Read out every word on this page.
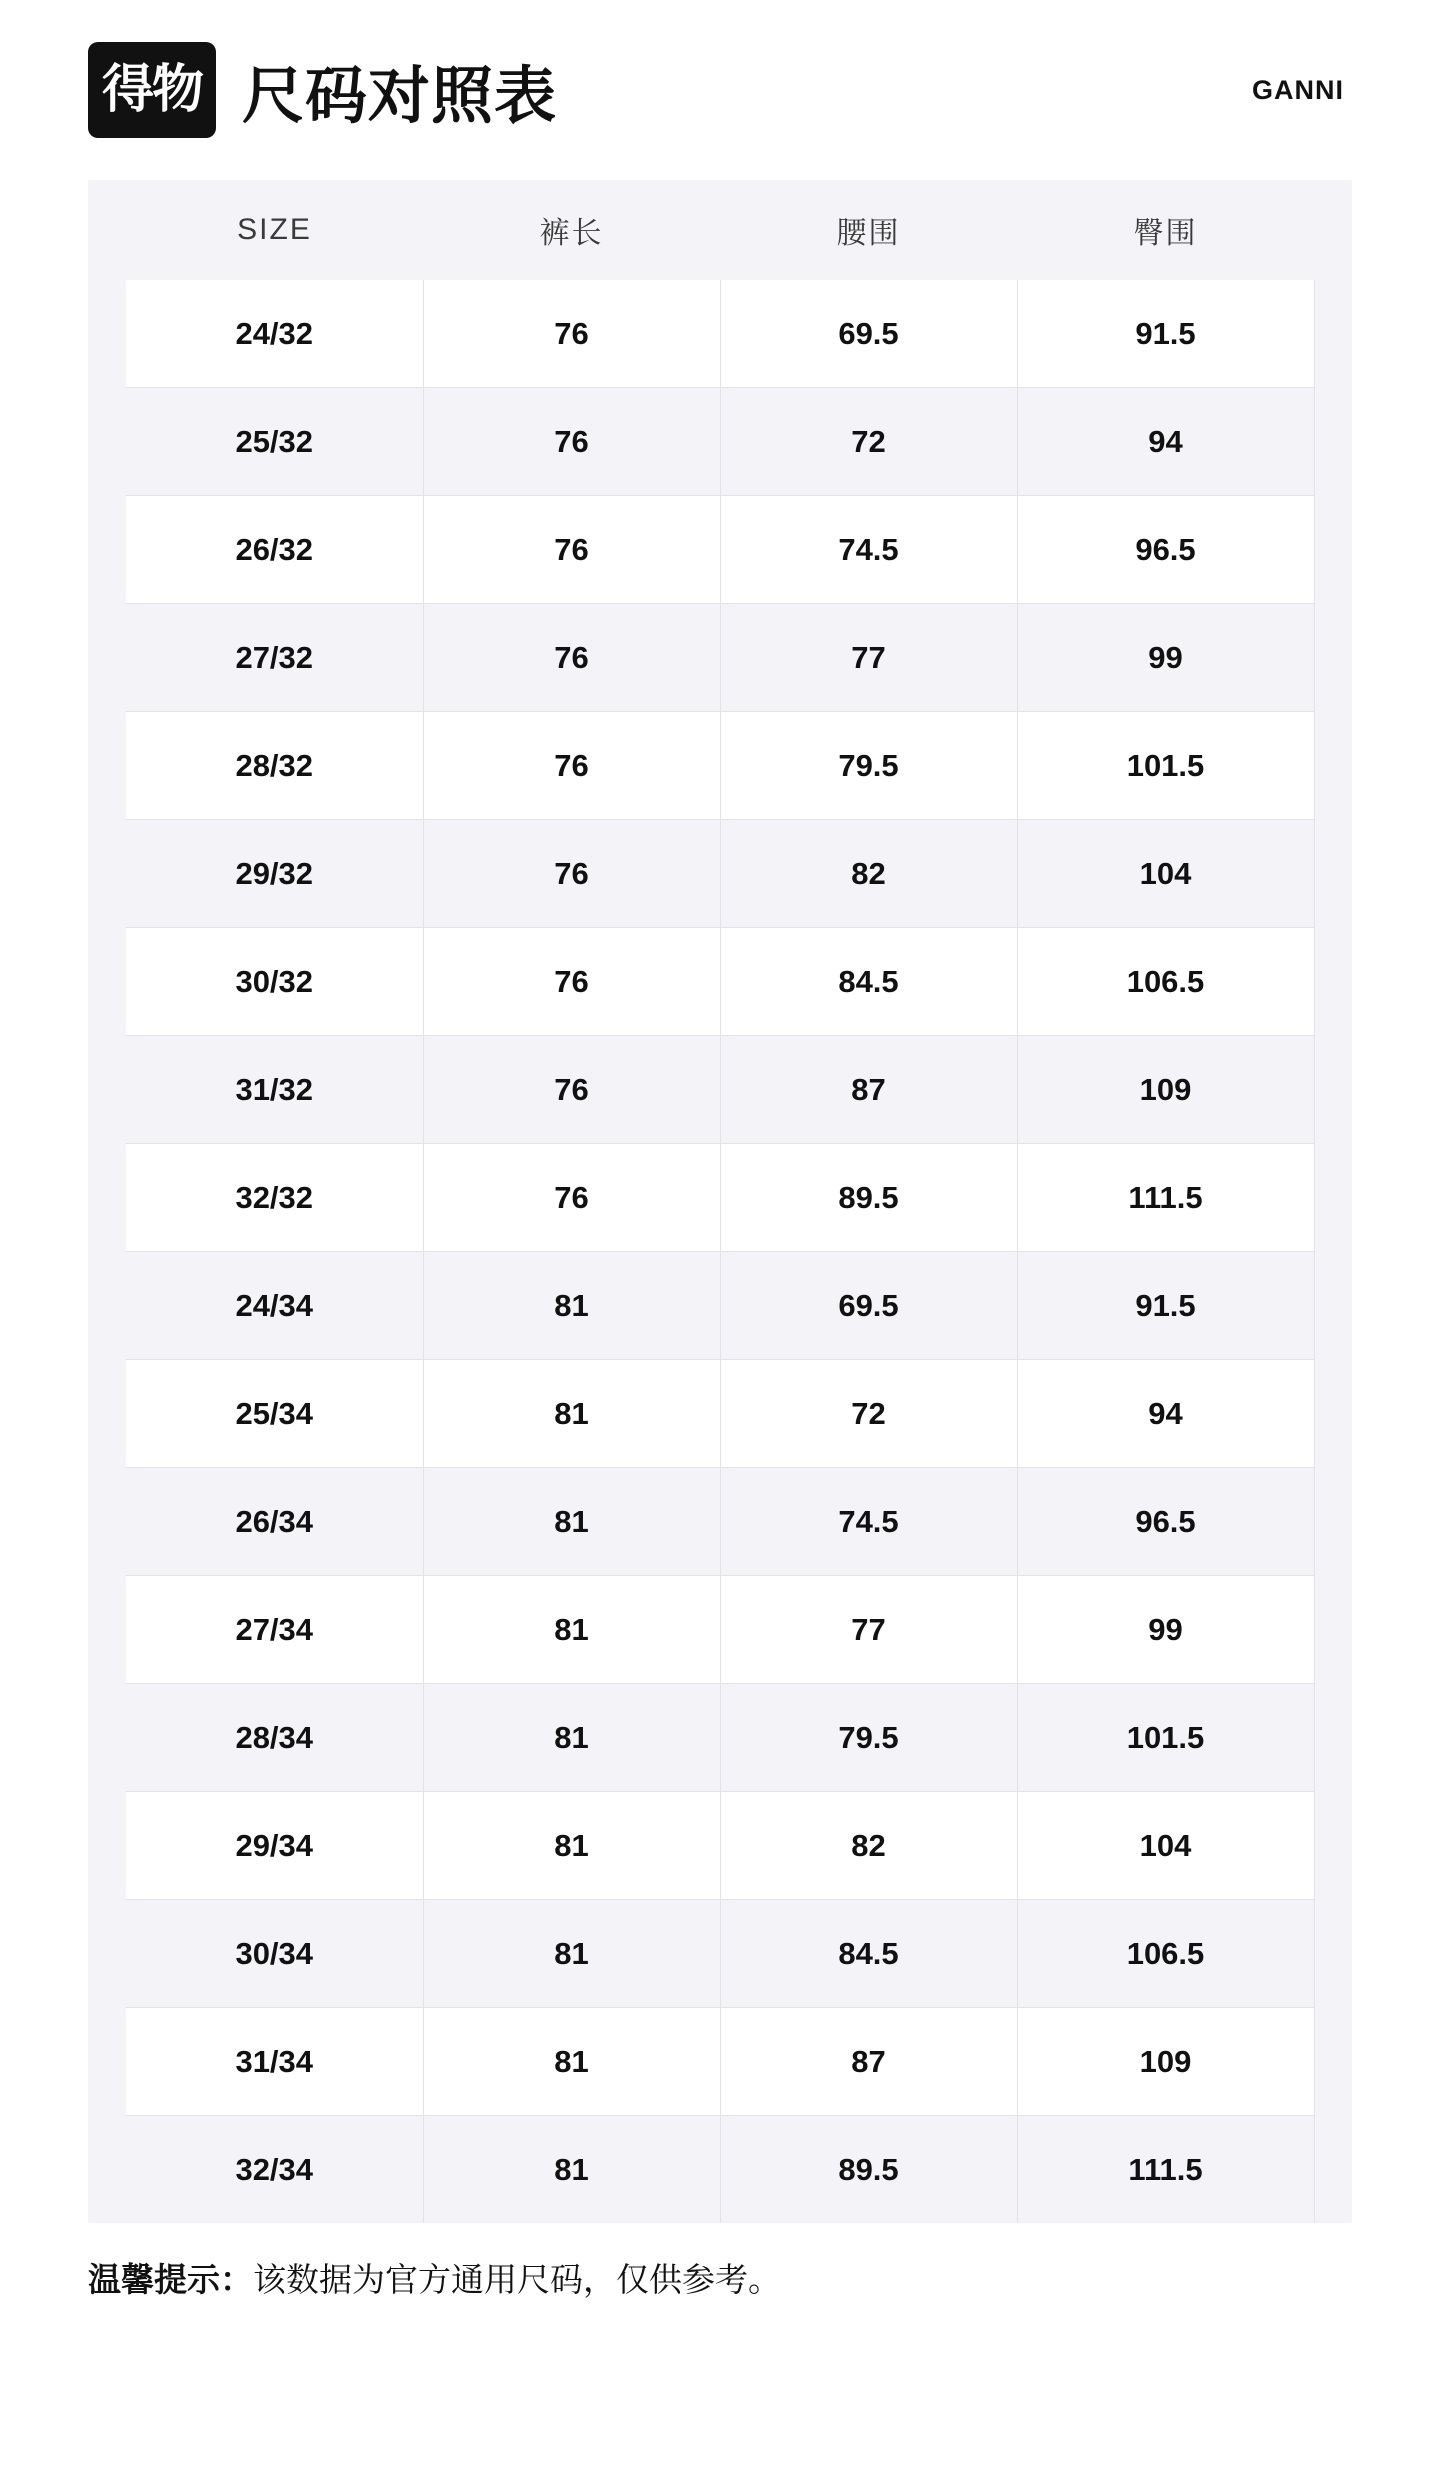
得物 尺码对照表	GANNI
	SIZE	裤长	腰围	臀围	
	24/32	76	69.5	91.5	
	25/32	76	72	94	
	26/32	76	74.5	96.5	
	27/32	76	77	99	
	28/32	76	79.5	101.5	
	29/32	76	82	104	
	30/32	76	84.5	106.5	
	31/32	76	87	109	
	32/32	76	89.5	111.5	
	24/34	81	69.5	91.5	
	25/34	81	72	94	
	26/34	81	74.5	96.5	
	27/34	81	77	99	
	28/34	81	79.5	101.5	
	29/34	81	82	104	
	30/34	81	84.5	106.5	
	31/34	81	87	109	
	32/34	81	89.5	111.5	
温馨提示：该数据为官方通用尺码，仅供参考。
